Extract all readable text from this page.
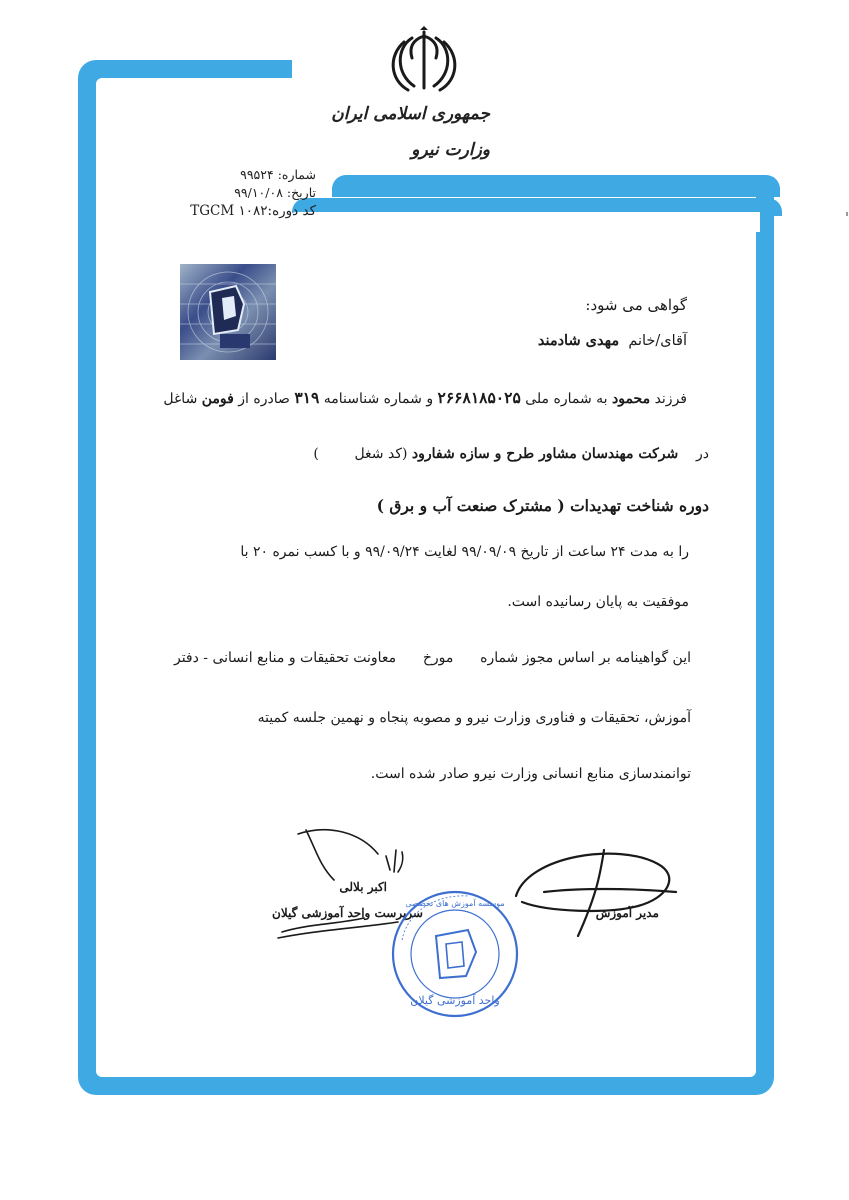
جمهوری اسلامی ایران
وزارت نیرو
شماره: ۹۹۵۲۴
تاریخ: ۹۹/۱۰/۰۸
کد دوره:TGCM ۱۰۸۲
گواهی می شود:
آقای/خانم  مهدی شادمند
فرزند محمود به شماره ملی ۲۶۶۸۱۸۵۰۲۵ و شماره شناسنامه ۳۱۹ صادره از فومن شاغل
در    شرکت مهندسان مشاور طرح و سازه شفارود (کد شغل        )
دوره شناخت تهدیدات ( مشترک صنعت آب و برق )
را به مدت ۲۴ ساعت از تاریخ ۹۹/۰۹/۰۹ لغایت ۹۹/۰۹/۲۴ و با کسب نمره ۲۰ با
موفقیت به پایان رسانیده است.
این گواهینامه بر اساس مجوز شماره      مورخ      معاونت تحقیقات و منابع انسانی - دفتر
آموزش، تحقیقات و فناوری وزارت نیرو و مصوبه پنجاه و نهمین جلسه کمیته
توانمندسازی منابع انسانی وزارت نیرو صادر شده است.
اکبر بلالی
سرپرست واحد آموزشی گیلان	مدیر آموزش
واحد آموزشی گیلان
موسسه آموزش های تخصصی
